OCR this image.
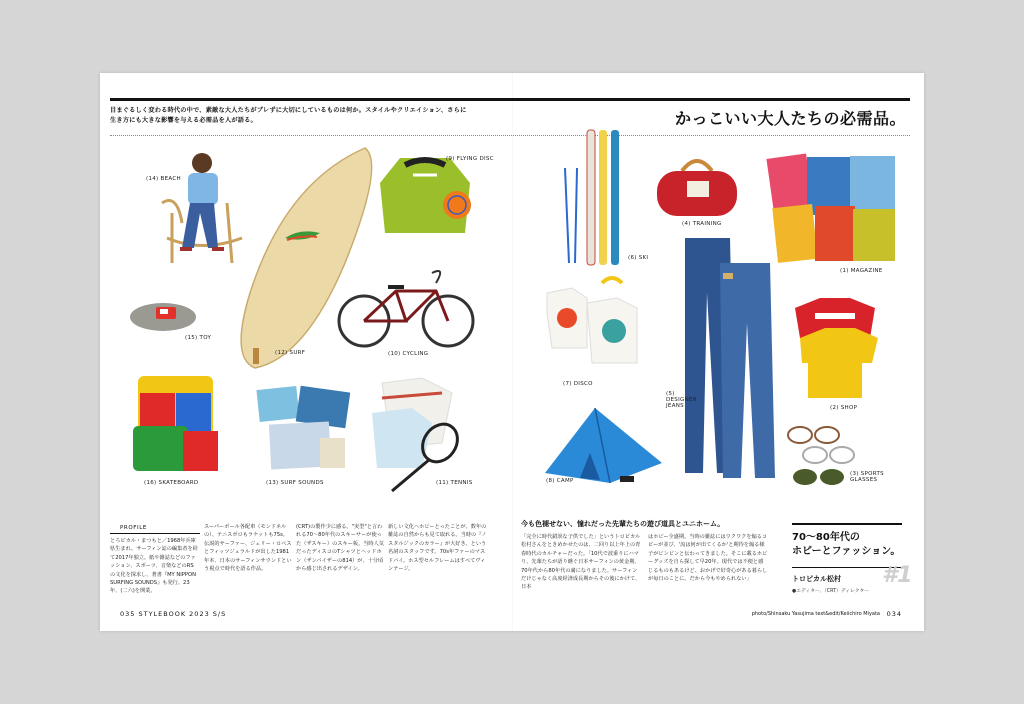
目まぐるしく変わる時代の中で、素敵な大人たちがブレずに大切にしているものは何か。スタイルやクリエイション、さらに生き方にも大きな影響を与える必需品を人が語る。	かっこいい大人たちの必需品。
(14) BEACH
(12) SURF
(9) FLYING DISC
(15) TOY
(10) CYCLING
(16) SKATEBOARD	(13) SURF SOUNDS	(11) TENNIS
(6) SKI
(4) TRAINING
(1) MAGAZINE
(7) DISCO
(5) DESIGNER JEANS	(2) SHOP
(8) CAMP
(3) SPORTS GLASSES
PROFILE
とろピカル・まつもと／1968年兵庫県生まれ。サーフィン誌の編集者を経て2017年独立。紙や雑誌などのファッション、スポーツ、音楽などのRSの文化を探求し、著書『MY NIPPON SURFING SOUNDS』も発行。23年、(二六)を開業。
スーパーボール各配車（モンドネルの）、テニスポロもラケットも75s。伝説的サーファー、ジェリー・ロペスとフィッツジェラルドが出した1981年本、日本のサーフィンサウンドという視点で時代を語る作品。
(CRT)の製作少に感る。"実型"と言われる70〜80年代のスキーサーが使った（ザスキー）のスキー板。当時人気だったディスコのTシャツとヘッドホン（ザンバイザーの814）が、十分頃から感じ出されるデザイン。
新しい文化ヘホビーとったことが、数年の雑誌の自然からも見て取れる。当時の『ノスタルジックのカラー』が大好き。という名詞のスタッフです。70s年ファーのマスドバイ。ホス型セルフレームはすべてヴィンテージ。
今も色褪せない、憧れだった先輩たちの遊び道具とユニホーム。
「完全に時代錯誤な子供でした」というトロピカル松村さんをときめかせたのは、二回り以上年上の青春時代のカルチャーだった。「10代で波乗りにハマり、先輩たちが語り継ぐ日本サーフィンの黄金期、70年代から80年代の虜になりました。サーフィンだけじゃなく高度経済成長期からその後にかけて、日本
はホビー全盛期。当時の雑誌にはワクワクを煽るコピーが並び、'流は何が出てくるか'と期待を煽る様子がビンビンと伝わってきました。そこに載るホビーグッズを自ら探して早20年。現代では不便と感じるものもあるけど、おかげで好奇心がある暮らしが毎日のことに。だから今もやめられない」
70〜80年代の
ホビーとファッション。
トロピカル松村
●エディター、（CRT）ディレクター
#1
035 STYLEBOOK 2023 S/S	photo/Shinsaku Yasujima text&edit/Keiichiro Miyata 034
